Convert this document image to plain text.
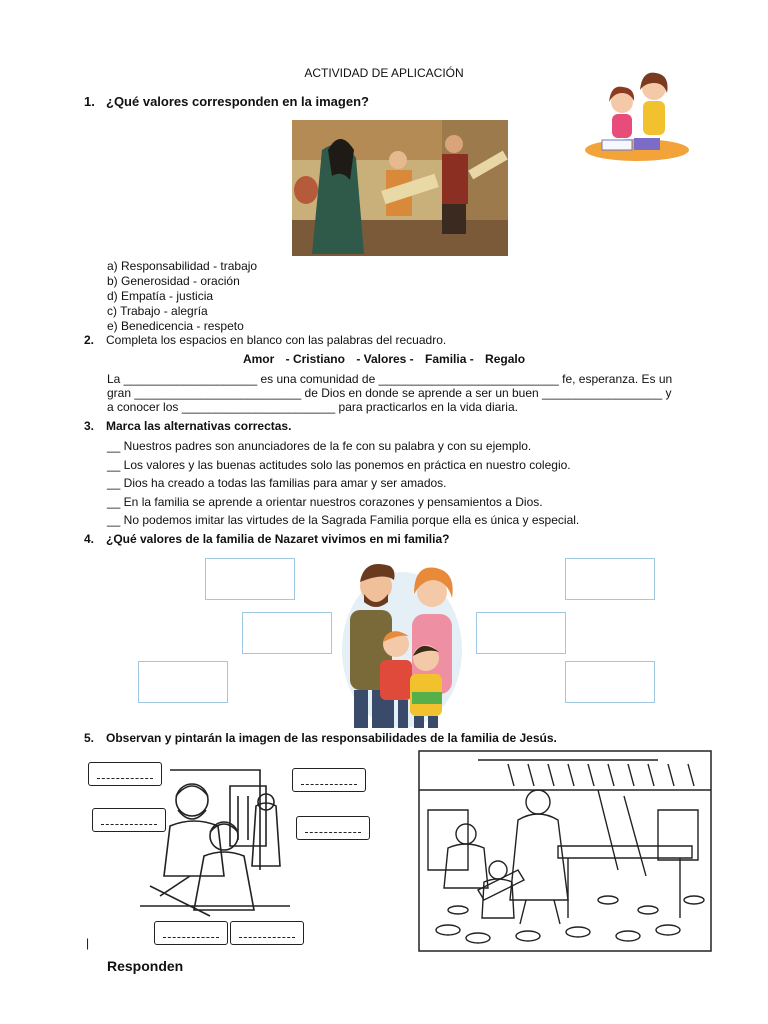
ACTIVIDAD DE APLICACIÓN
1. ¿Qué valores corresponden en la imagen?
a) Responsabilidad - trabajo
b) Generosidad - oración
d) Empatía - justicia
c) Trabajo - alegría
e) Benedicencia - respeto
2. Completa los espacios en blanco con las palabras del recuadro.
Amor - Cristiano - Valores - Familia - Regalo
La ____________________ es una comunidad de ___________________________ fe, esperanza. Es un
gran _________________________ de Dios en donde se aprende a ser un buen __________________ y
a conocer los _______________________ para practicarlos en la vida diaria.
3. Marca las alternativas correctas.
__ Nuestros padres son anunciadores de la fe con su palabra y con su ejemplo.
__ Los valores y las buenas actitudes solo las ponemos en práctica en nuestro colegio.
__ Dios ha creado a todas las familias para amar y ser amados.
__ En la familia se aprende a orientar nuestros corazones y pensamientos a Dios.
__ No podemos imitar las virtudes de la Sagrada Familia porque ella es única y especial.
4. ¿Qué valores de la familia de Nazaret vivimos en mi familia?
5. Observan y pintarán la imagen de las responsabilidades de la familia de Jesús.
|
Responden
